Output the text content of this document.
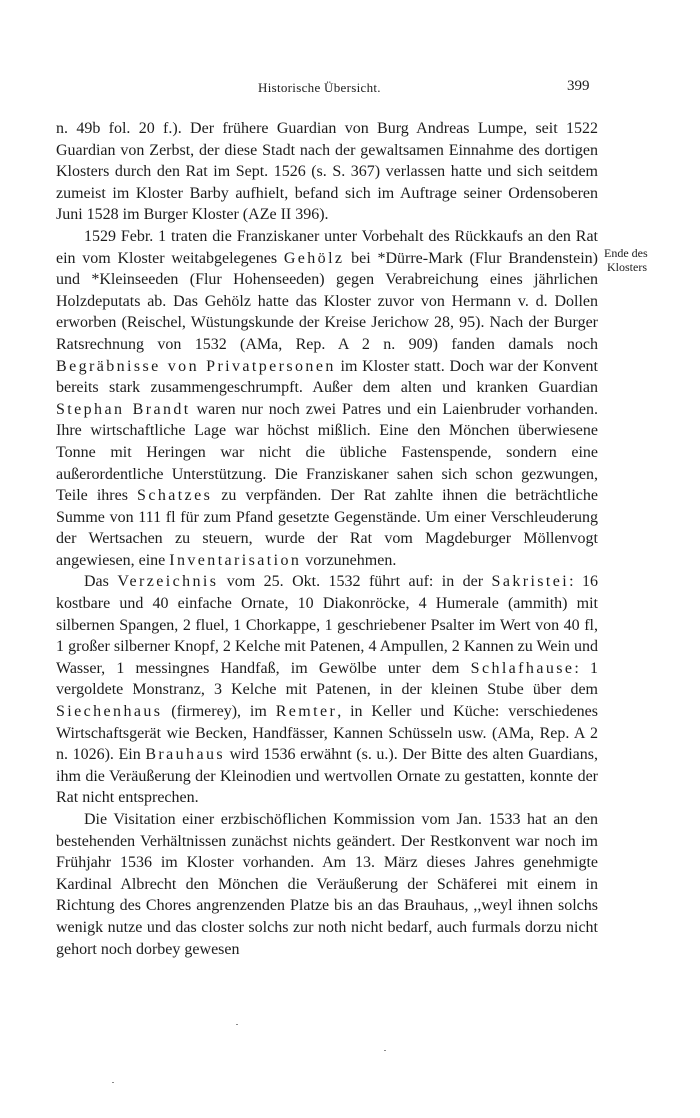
Historische Übersicht.	399

n. 49b fol. 20 f.). Der frühere Guardian von Burg Andreas Lumpe, seit 1522 Guardian von Zerbst, der diese Stadt nach der gewaltsamen Einnahme des dortigen Klosters durch den Rat im Sept. 1526 (s. S. 367) verlassen hatte und sich seitdem zumeist im Kloster Barby aufhielt, befand sich im Auftrage seiner Ordensoberen Juni 1528 im Burger Kloster (AZe II 396).

1529 Febr. 1 traten die Franziskaner unter Vorbehalt des Rückkaufs an den Rat ein vom Kloster weitabgelegenes Gehölz bei *Dürre-Mark (Flur Brandenstein) und *Kleinseeden (Flur Hohenseeden) gegen Verabreichung eines jährlichen Holzdeputats ab. Das Gehölz hatte das Kloster zuvor von Hermann v. d. Dollen erworben (Reischel, Wüstungskunde der Kreise Jerichow 28, 95). Nach der Burger Ratsrechnung von 1532 (AMa, Rep. A 2 n. 909) fanden damals noch Begräbnisse von Privatpersonen im Kloster statt. Doch war der Konvent bereits stark zusammengeschrumpft. Außer dem alten und kranken Guardian Stephan Brandt waren nur noch zwei Patres und ein Laienbruder vorhanden. Ihre wirtschaftliche Lage war höchst mißlich. Eine den Mönchen überwiesene Tonne mit Heringen war nicht die übliche Fastenspende, sondern eine außerordentliche Unterstützung. Die Franziskaner sahen sich schon gezwungen, Teile ihres Schatzes zu verpfänden. Der Rat zahlte ihnen die beträchtliche Summe von 111 fl für zum Pfand gesetzte Gegenstände. Um einer Verschleuderung der Wertsachen zu steuern, wurde der Rat vom Magdeburger Möllenvogt angewiesen, eine Inventarisation vorzunehmen.

Das Verzeichnis vom 25. Okt. 1532 führt auf: in der Sakristei: 16 kostbare und 40 einfache Ornate, 10 Diakonröcke, 4 Humerale (ammith) mit silbernen Spangen, 2 fluel, 1 Chorkappe, 1 geschriebener Psalter im Wert von 40 fl, 1 großer silberner Knopf, 2 Kelche mit Patenen, 4 Ampullen, 2 Kannen zu Wein und Wasser, 1 messingnes Handfaß, im Gewölbe unter dem Schlafhause: 1 vergoldete Monstranz, 3 Kelche mit Patenen, in der kleinen Stube über dem Siechenhaus (firmerey), im Remter, in Keller und Küche: verschiedenes Wirtschaftsgerät wie Becken, Handfässer, Kannen Schüsseln usw. (AMa, Rep. A 2 n. 1026). Ein Brauhaus wird 1536 erwähnt (s. u.). Der Bitte des alten Guardians, ihm die Veräußerung der Kleinodien und wertvollen Ornate zu gestatten, konnte der Rat nicht entsprechen.

Die Visitation einer erzbischöflichen Kommission vom Jan. 1533 hat an den bestehenden Verhältnissen zunächst nichts geändert. Der Restkonvent war noch im Frühjahr 1536 im Kloster vorhanden. Am 13. März dieses Jahres genehmigte Kardinal Albrecht den Mönchen die Veräußerung der Schäferei mit einem in Richtung des Chores angrenzenden Platze bis an das Brauhaus, ,,weyl ihnen solchs wenigk nutze und das closter solchs zur noth nicht bedarf, auch furmals dorzu nicht gehort noch dorbey gewesen

Ende des
Klosters
